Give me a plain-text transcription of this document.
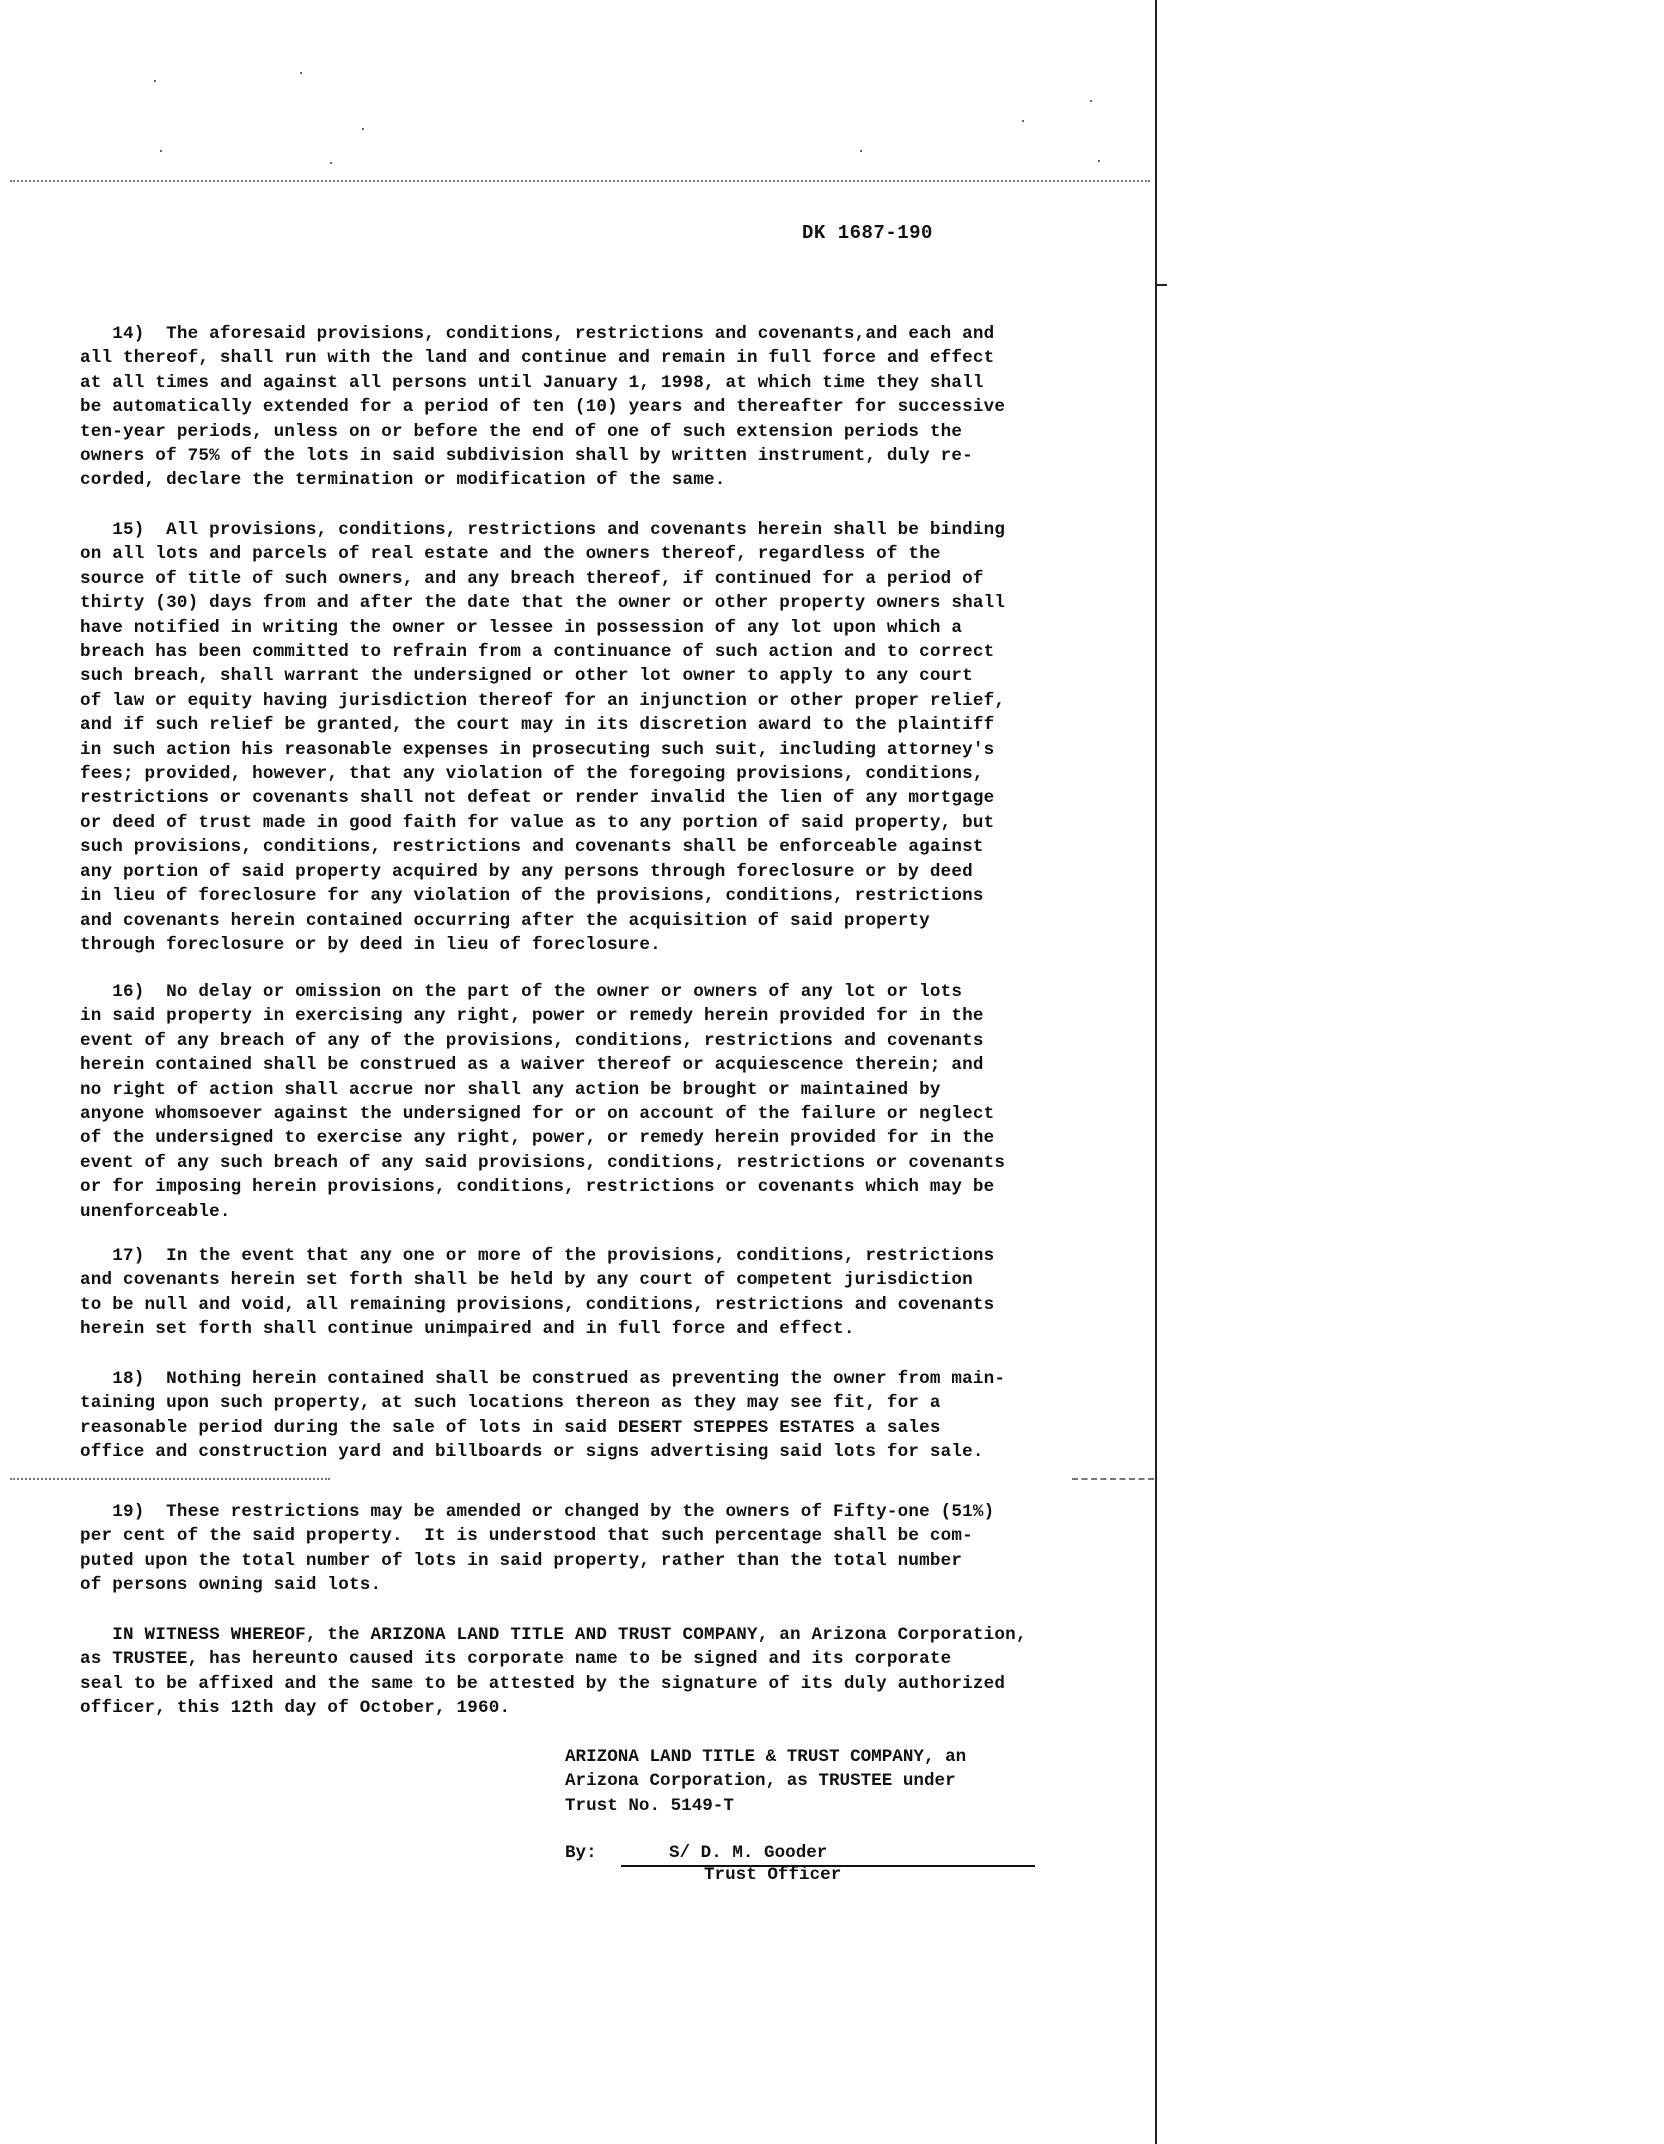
DK 1687-190
14)  The aforesaid provisions, conditions, restrictions and covenants,and each and
all thereof, shall run with the land and continue and remain in full force and effect
at all times and against all persons until January 1, 1998, at which time they shall
be automatically extended for a period of ten (10) years and thereafter for successive
ten-year periods, unless on or before the end of one of such extension periods the
owners of 75% of the lots in said subdivision shall by written instrument, duly re-
corded, declare the termination or modification of the same.
15)  All provisions, conditions, restrictions and covenants herein shall be binding
on all lots and parcels of real estate and the owners thereof, regardless of the
source of title of such owners, and any breach thereof, if continued for a period of
thirty (30) days from and after the date that the owner or other property owners shall
have notified in writing the owner or lessee in possession of any lot upon which a
breach has been committed to refrain from a continuance of such action and to correct
such breach, shall warrant the undersigned or other lot owner to apply to any court
of law or equity having jurisdiction thereof for an injunction or other proper relief,
and if such relief be granted, the court may in its discretion award to the plaintiff
in such action his reasonable expenses in prosecuting such suit, including attorney's
fees; provided, however, that any violation of the foregoing provisions, conditions,
restrictions or covenants shall not defeat or render invalid the lien of any mortgage
or deed of trust made in good faith for value as to any portion of said property, but
such provisions, conditions, restrictions and covenants shall be enforceable against
any portion of said property acquired by any persons through foreclosure or by deed
in lieu of foreclosure for any violation of the provisions, conditions, restrictions
and covenants herein contained occurring after the acquisition of said property
through foreclosure or by deed in lieu of foreclosure.
16)  No delay or omission on the part of the owner or owners of any lot or lots
in said property in exercising any right, power or remedy herein provided for in the
event of any breach of any of the provisions, conditions, restrictions and covenants
herein contained shall be construed as a waiver thereof or acquiescence therein; and
no right of action shall accrue nor shall any action be brought or maintained by
anyone whomsoever against the undersigned for or on account of the failure or neglect
of the undersigned to exercise any right, power, or remedy herein provided for in the
event of any such breach of any said provisions, conditions, restrictions or covenants
or for imposing herein provisions, conditions, restrictions or covenants which may be
unenforceable.
17)  In the event that any one or more of the provisions, conditions, restrictions
and covenants herein set forth shall be held by any court of competent jurisdiction
to be null and void, all remaining provisions, conditions, restrictions and covenants
herein set forth shall continue unimpaired and in full force and effect.
18)  Nothing herein contained shall be construed as preventing the owner from main-
taining upon such property, at such locations thereon as they may see fit, for a
reasonable period during the sale of lots in said DESERT STEPPES ESTATES a sales
office and construction yard and billboards or signs advertising said lots for sale.
19)  These restrictions may be amended or changed by the owners of Fifty-one (51%)
per cent of the said property.  It is understood that such percentage shall be com-
puted upon the total number of lots in said property, rather than the total number
of persons owning said lots.
IN WITNESS WHEREOF, the ARIZONA LAND TITLE AND TRUST COMPANY, an Arizona Corporation,
as TRUSTEE, has hereunto caused its corporate name to be signed and its corporate
seal to be affixed and the same to be attested by the signature of its duly authorized
officer, this 12th day of October, 1960.
ARIZONA LAND TITLE & TRUST COMPANY, an
Arizona Corporation, as TRUSTEE under
Trust No. 5149-T
By:	S/ D. M. Gooder
Trust Officer
